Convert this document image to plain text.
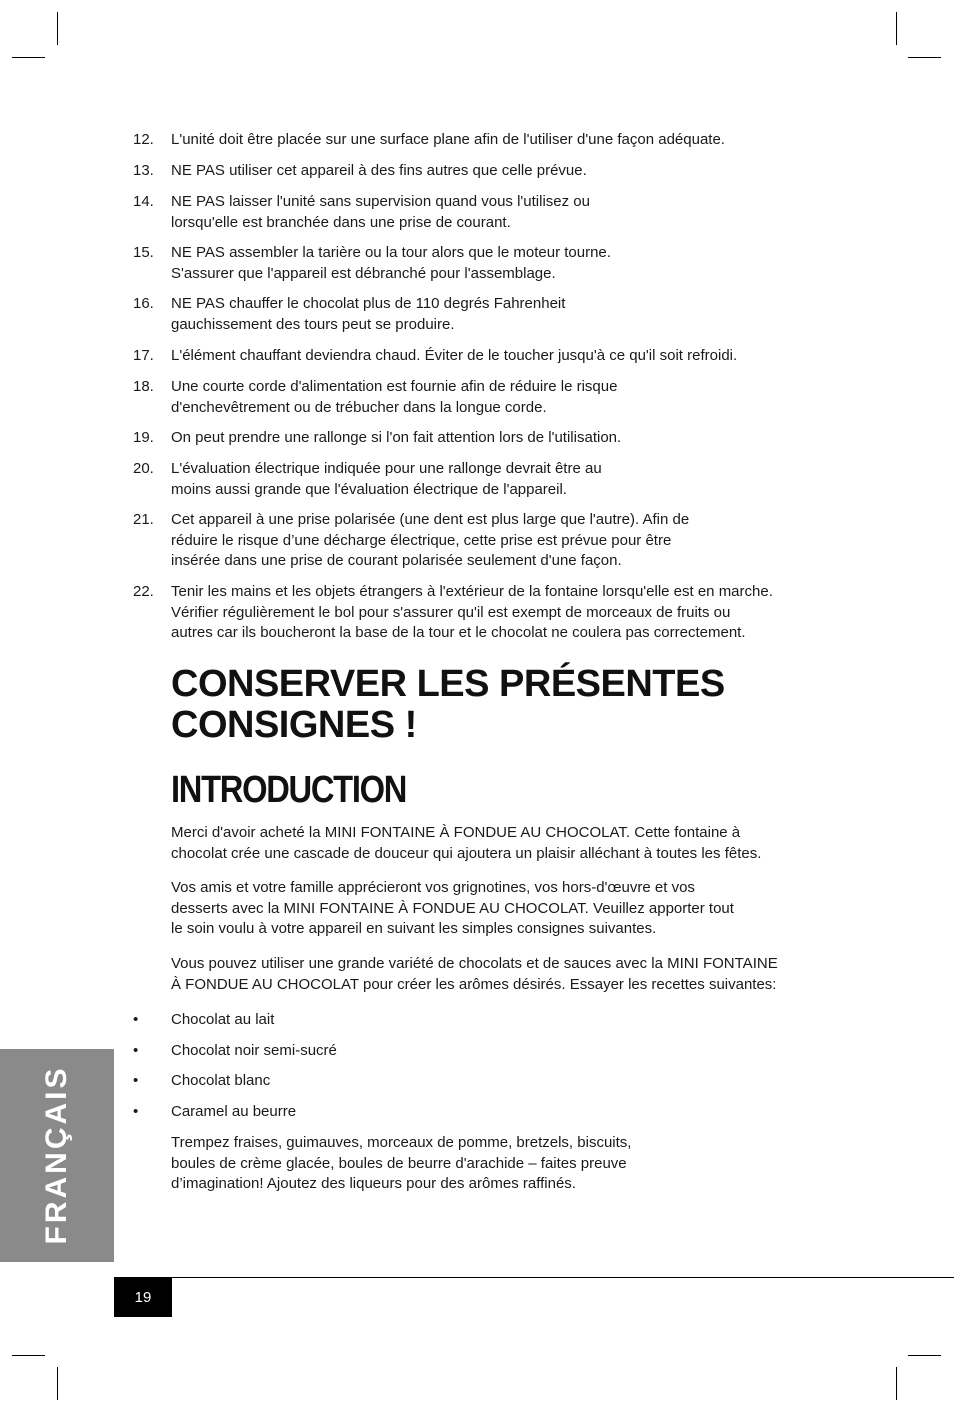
12.	L'unité doit être placée sur une surface plane afin de l'utiliser d'une façon adéquate.
13.	NE PAS utiliser cet appareil à des fins autres que celle prévue.
14.	NE PAS laisser l'unité sans supervision quand vous l'utilisez ou
lorsqu'elle est branchée dans une prise de courant.
15.	NE PAS assembler la tarière ou la tour alors que le moteur tourne.
S'assurer que l'appareil est débranché pour l'assemblage.
16.	NE PAS chauffer le chocolat plus de 110 degrés Fahrenheit
gauchissement des tours peut se produire.
17.	L'élément chauffant deviendra chaud. Éviter de le toucher jusqu'à ce qu'il soit refroidi.
18.	Une courte corde d'alimentation est fournie afin de réduire le risque
d'enchevêtrement ou de trébucher dans la longue corde.
19.	On peut prendre une rallonge si l'on fait attention lors de l'utilisation.
20.	L'évaluation électrique indiquée pour une rallonge devrait être au
moins aussi grande que l'évaluation électrique de l'appareil.
21.	Cet appareil à une prise polarisée (une dent est plus large que l'autre). Afin de
réduire le risque d’une décharge électrique, cette prise est prévue pour être
insérée dans une prise de courant polarisée seulement d'une façon.
22.	Tenir les mains et les objets étrangers à l'extérieur de la fontaine lorsqu'elle est en marche.
Vérifier régulièrement le bol pour s'assurer qu'il est exempt de morceaux de fruits ou
autres car ils boucheront la base de la tour et le chocolat ne coulera pas correctement.
CONSERVER LES PRÉSENTES
CONSIGNES !
INTRODUCTION
Merci d'avoir acheté la MINI FONTAINE À FONDUE AU CHOCOLAT. Cette fontaine à
chocolat crée une cascade de douceur qui ajoutera un plaisir alléchant à toutes les fêtes.
Vos amis et votre famille apprécieront vos grignotines, vos hors-d'œuvre et vos
desserts avec la MINI FONTAINE À FONDUE AU CHOCOLAT. Veuillez apporter tout
le soin voulu à votre appareil en suivant les simples consignes suivantes.
Vous pouvez utiliser une grande variété de chocolats et de sauces avec la MINI FONTAINE
À FONDUE AU CHOCOLAT pour créer les arômes désirés. Essayer les recettes suivantes:
• Chocolat au lait
• Chocolat noir semi-sucré
• Chocolat blanc
• Caramel au beurre
Trempez fraises, guimauves, morceaux de pomme, bretzels, biscuits,
boules de crème glacée, boules de beurre d'arachide – faites preuve
d’imagination! Ajoutez des liqueurs pour des arômes raffinés.
FRANÇAIS
19
